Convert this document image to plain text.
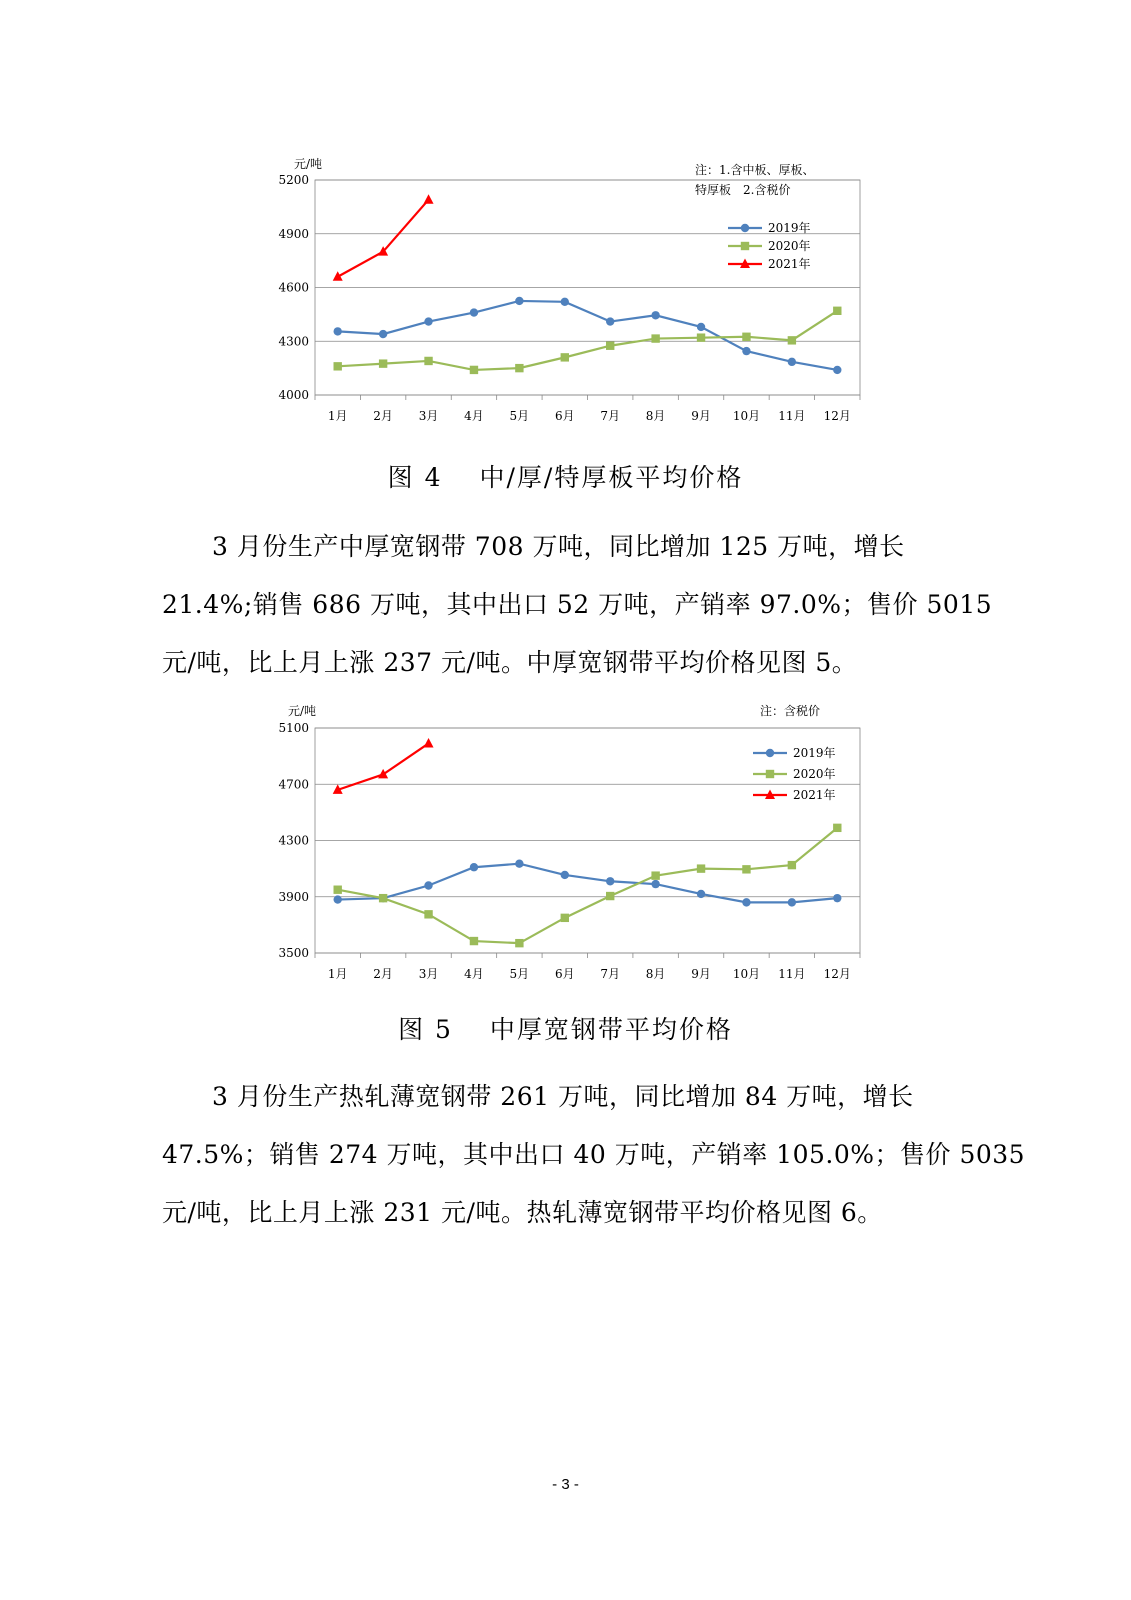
4000
4300
4600
4900
5200
1月 2月 3月 4月 5月 6月 7月 8月 9月 10月 11月 12月
元/吨	注：1.含中板、厚板、
特厚板　2.含税价
2019年
2020年
2021年
图 4　 中/厚/特厚板平均价格

3 月份生产中厚宽钢带 708 万吨，同比增加 125 万吨，增长

21.4%;销售 686 万吨，其中出口 52 万吨，产销率 97.0%；售价 5015

元/吨，比上月上涨 237 元/吨。中厚宽钢带平均价格见图 5。

3500
3900
4300
4700
5100
1月 2月 3月 4月 5月 6月 7月 8月 9月 10月 11月 12月
元/吨	注：含税价
2019年
2020年
2021年
图 5　 中厚宽钢带平均价格

3 月份生产热轧薄宽钢带 261 万吨，同比增加 84 万吨，增长

47.5%；销售 274 万吨，其中出口 40 万吨，产销率 105.0%；售价 5035

元/吨，比上月上涨 231 元/吨。热轧薄宽钢带平均价格见图 6。

- 3 -
